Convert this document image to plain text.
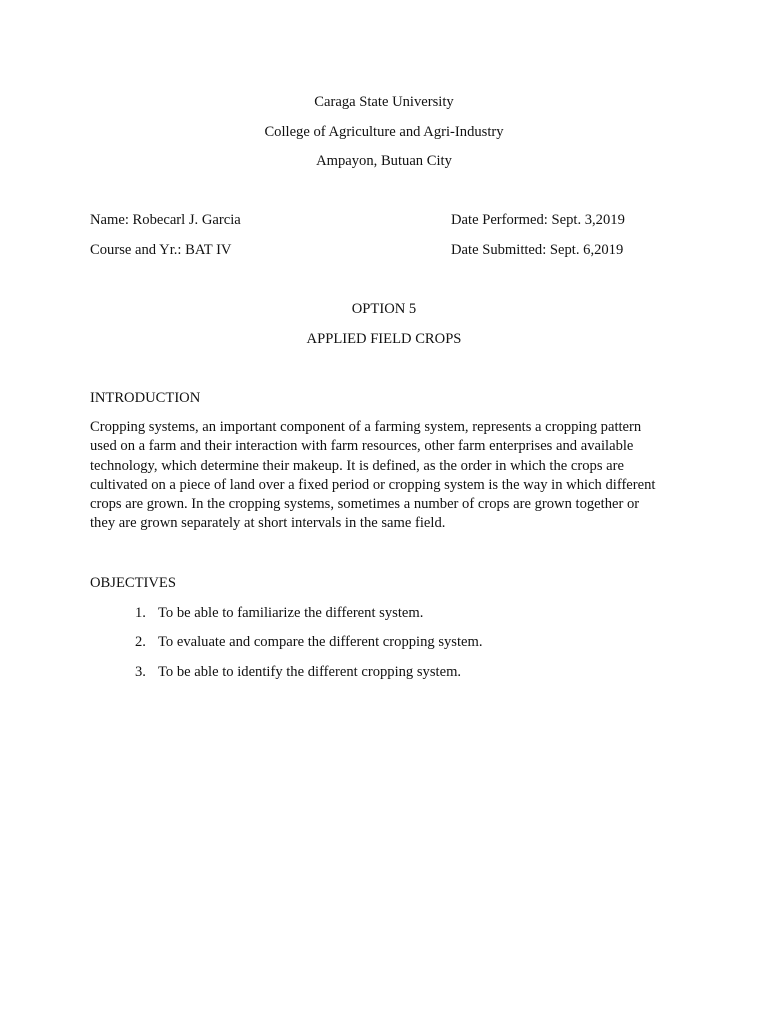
Caraga State University
College of Agriculture and Agri-Industry
Ampayon, Butuan City
Name: Robecarl J. Garcia	Date Performed: Sept. 3,2019
Course and Yr.: BAT IV	Date Submitted: Sept. 6,2019
OPTION 5
APPLIED FIELD CROPS
INTRODUCTION
Cropping systems, an important component of a farming system, represents a cropping pattern
used on a farm and their interaction with farm resources, other farm enterprises and available
technology, which determine their makeup. It is defined, as the order in which the crops are
cultivated on a piece of land over a fixed period or cropping system is the way in which different
crops are grown. In the cropping systems, sometimes a number of crops are grown together or
they are grown separately at short intervals in the same field.
OBJECTIVES
1. To be able to familiarize the different system.
2. To evaluate and compare the different cropping system.
3. To be able to identify the different cropping system.
